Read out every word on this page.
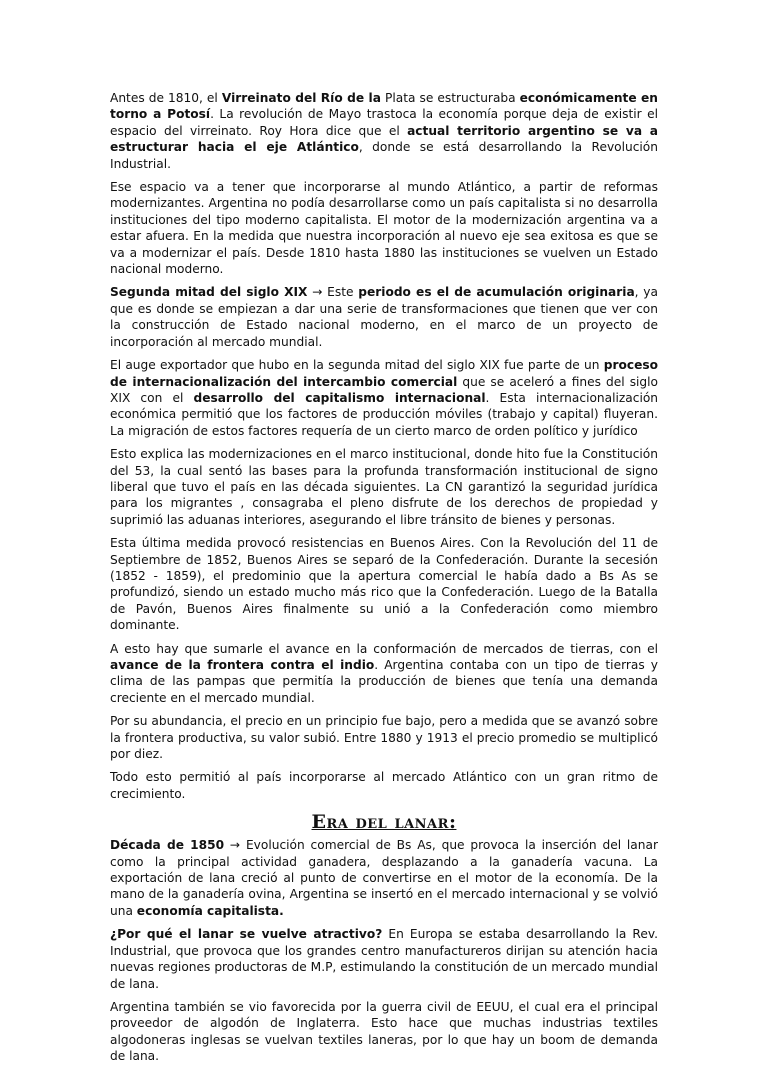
Antes de 1810, el Virreinato del Río de la Plata se estructuraba económicamente en torno a Potosí. La revolución de Mayo trastoca la economía porque deja de existir el espacio del virreinato. Roy Hora dice que el actual territorio argentino se va a estructurar hacia el eje Atlántico, donde se está desarrollando la Revolución Industrial.

Ese espacio va a tener que incorporarse al mundo Atlántico, a partir de reformas modernizantes. Argentina no podía desarrollarse como un país capitalista si no desarrolla instituciones del tipo moderno capitalista. El motor de la modernización argentina va a estar afuera. En la medida que nuestra incorporación al nuevo eje sea exitosa es que se va a modernizar el país. Desde 1810 hasta 1880 las instituciones se vuelven un Estado nacional moderno.

Segunda mitad del siglo XIX → Este periodo es el de acumulación originaria, ya que es donde se empiezan a dar una serie de transformaciones que tienen que ver con la construcción de Estado nacional moderno, en el marco de un proyecto de incorporación al mercado mundial.

El auge exportador que hubo en la segunda mitad del siglo XIX fue parte de un proceso de internacionalización del intercambio comercial que se aceleró a fines del siglo XIX con el desarrollo del capitalismo internacional. Esta internacionalización económica permitió que los factores de producción móviles (trabajo y capital) fluyeran. La migración de estos factores requería de un cierto marco de orden político y jurídico

Esto explica las modernizaciones en el marco institucional, donde hito fue la Constitución del 53, la cual sentó las bases para la profunda transformación institucional de signo liberal que tuvo el país en las década siguientes. La CN garantizó la seguridad jurídica para los migrantes , consagraba el pleno disfrute de los derechos de propiedad y suprimió las aduanas interiores, asegurando el libre tránsito de bienes y personas.

Esta última medida provocó resistencias en Buenos Aires. Con la Revolución del 11 de Septiembre de 1852, Buenos Aires se separó de la Confederación. Durante la secesión (1852 - 1859), el predominio que la apertura comercial le había dado a Bs As se profundizó, siendo un estado mucho más rico que la Confederación. Luego de la Batalla de Pavón, Buenos Aires finalmente su unió a la Confederación como miembro dominante.

A esto hay que sumarle el avance en la conformación de mercados de tierras, con el avance de la frontera contra el indio. Argentina contaba con un tipo de tierras y clima de las pampas que permitía la producción de bienes que tenía una demanda creciente en el mercado mundial.

Por su abundancia, el precio en un principio fue bajo, pero a medida que se avanzó sobre la frontera productiva, su valor subió. Entre 1880 y 1913 el precio promedio se multiplicó por diez.

Todo esto permitió al país incorporarse al mercado Atlántico con un gran ritmo de crecimiento.

Era del lanar:

Década de 1850 → Evolución comercial de Bs As, que provoca la inserción del lanar como la principal actividad ganadera, desplazando a la ganadería vacuna. La exportación de lana creció al punto de convertirse en el motor de la economía. De la mano de la ganadería ovina, Argentina se insertó en el mercado internacional y se volvió una economía capitalista.

¿Por qué el lanar se vuelve atractivo? En Europa se estaba desarrollando la Rev. Industrial, que provoca que los grandes centro manufactureros dirijan su atención hacia nuevas regiones productoras de M.P, estimulando la constitución de un mercado mundial de lana.

Argentina también se vio favorecida por la guerra civil de EEUU, el cual era el principal proveedor de algodón de Inglaterra. Esto hace que muchas industrias textiles algodoneras inglesas se vuelvan textiles laneras, por lo que hay un boom de demanda de lana.
